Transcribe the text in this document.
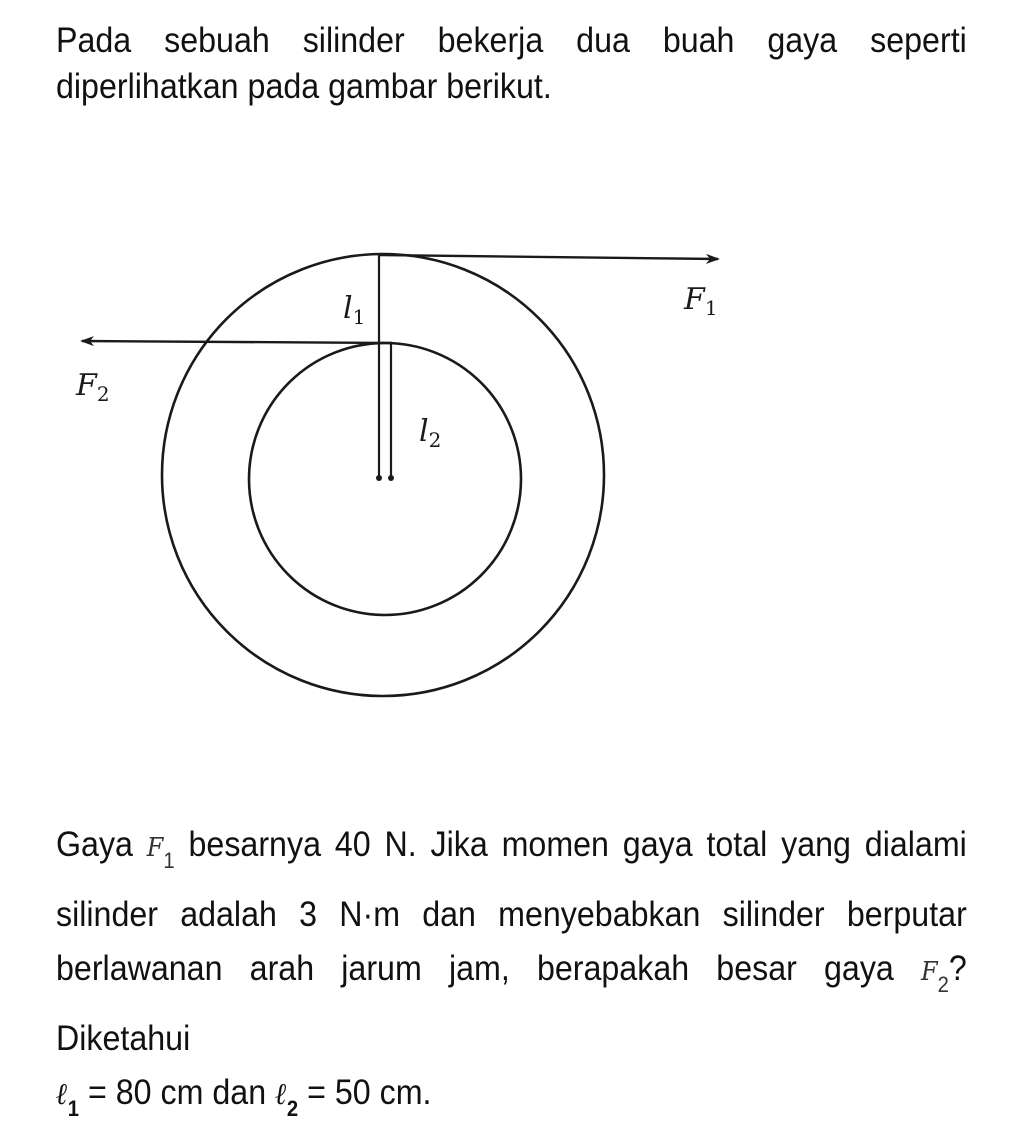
Pada sebuah silinder bekerja dua buah gaya seperti diperlihatkan pada gambar berikut.
$F_1$
$F_2$
$l_1$
$l_2$
Gaya $F_1$ besarnya 40 N. Jika momen gaya total yang dialami silinder adalah 3 N·m dan menyebabkan silinder berputar berlawanan arah jarum jam, berapakah besar gaya $F_2$? Diketahui
ℓ$_1$ = 80 cm dan ℓ$_2$ = 50 cm.
